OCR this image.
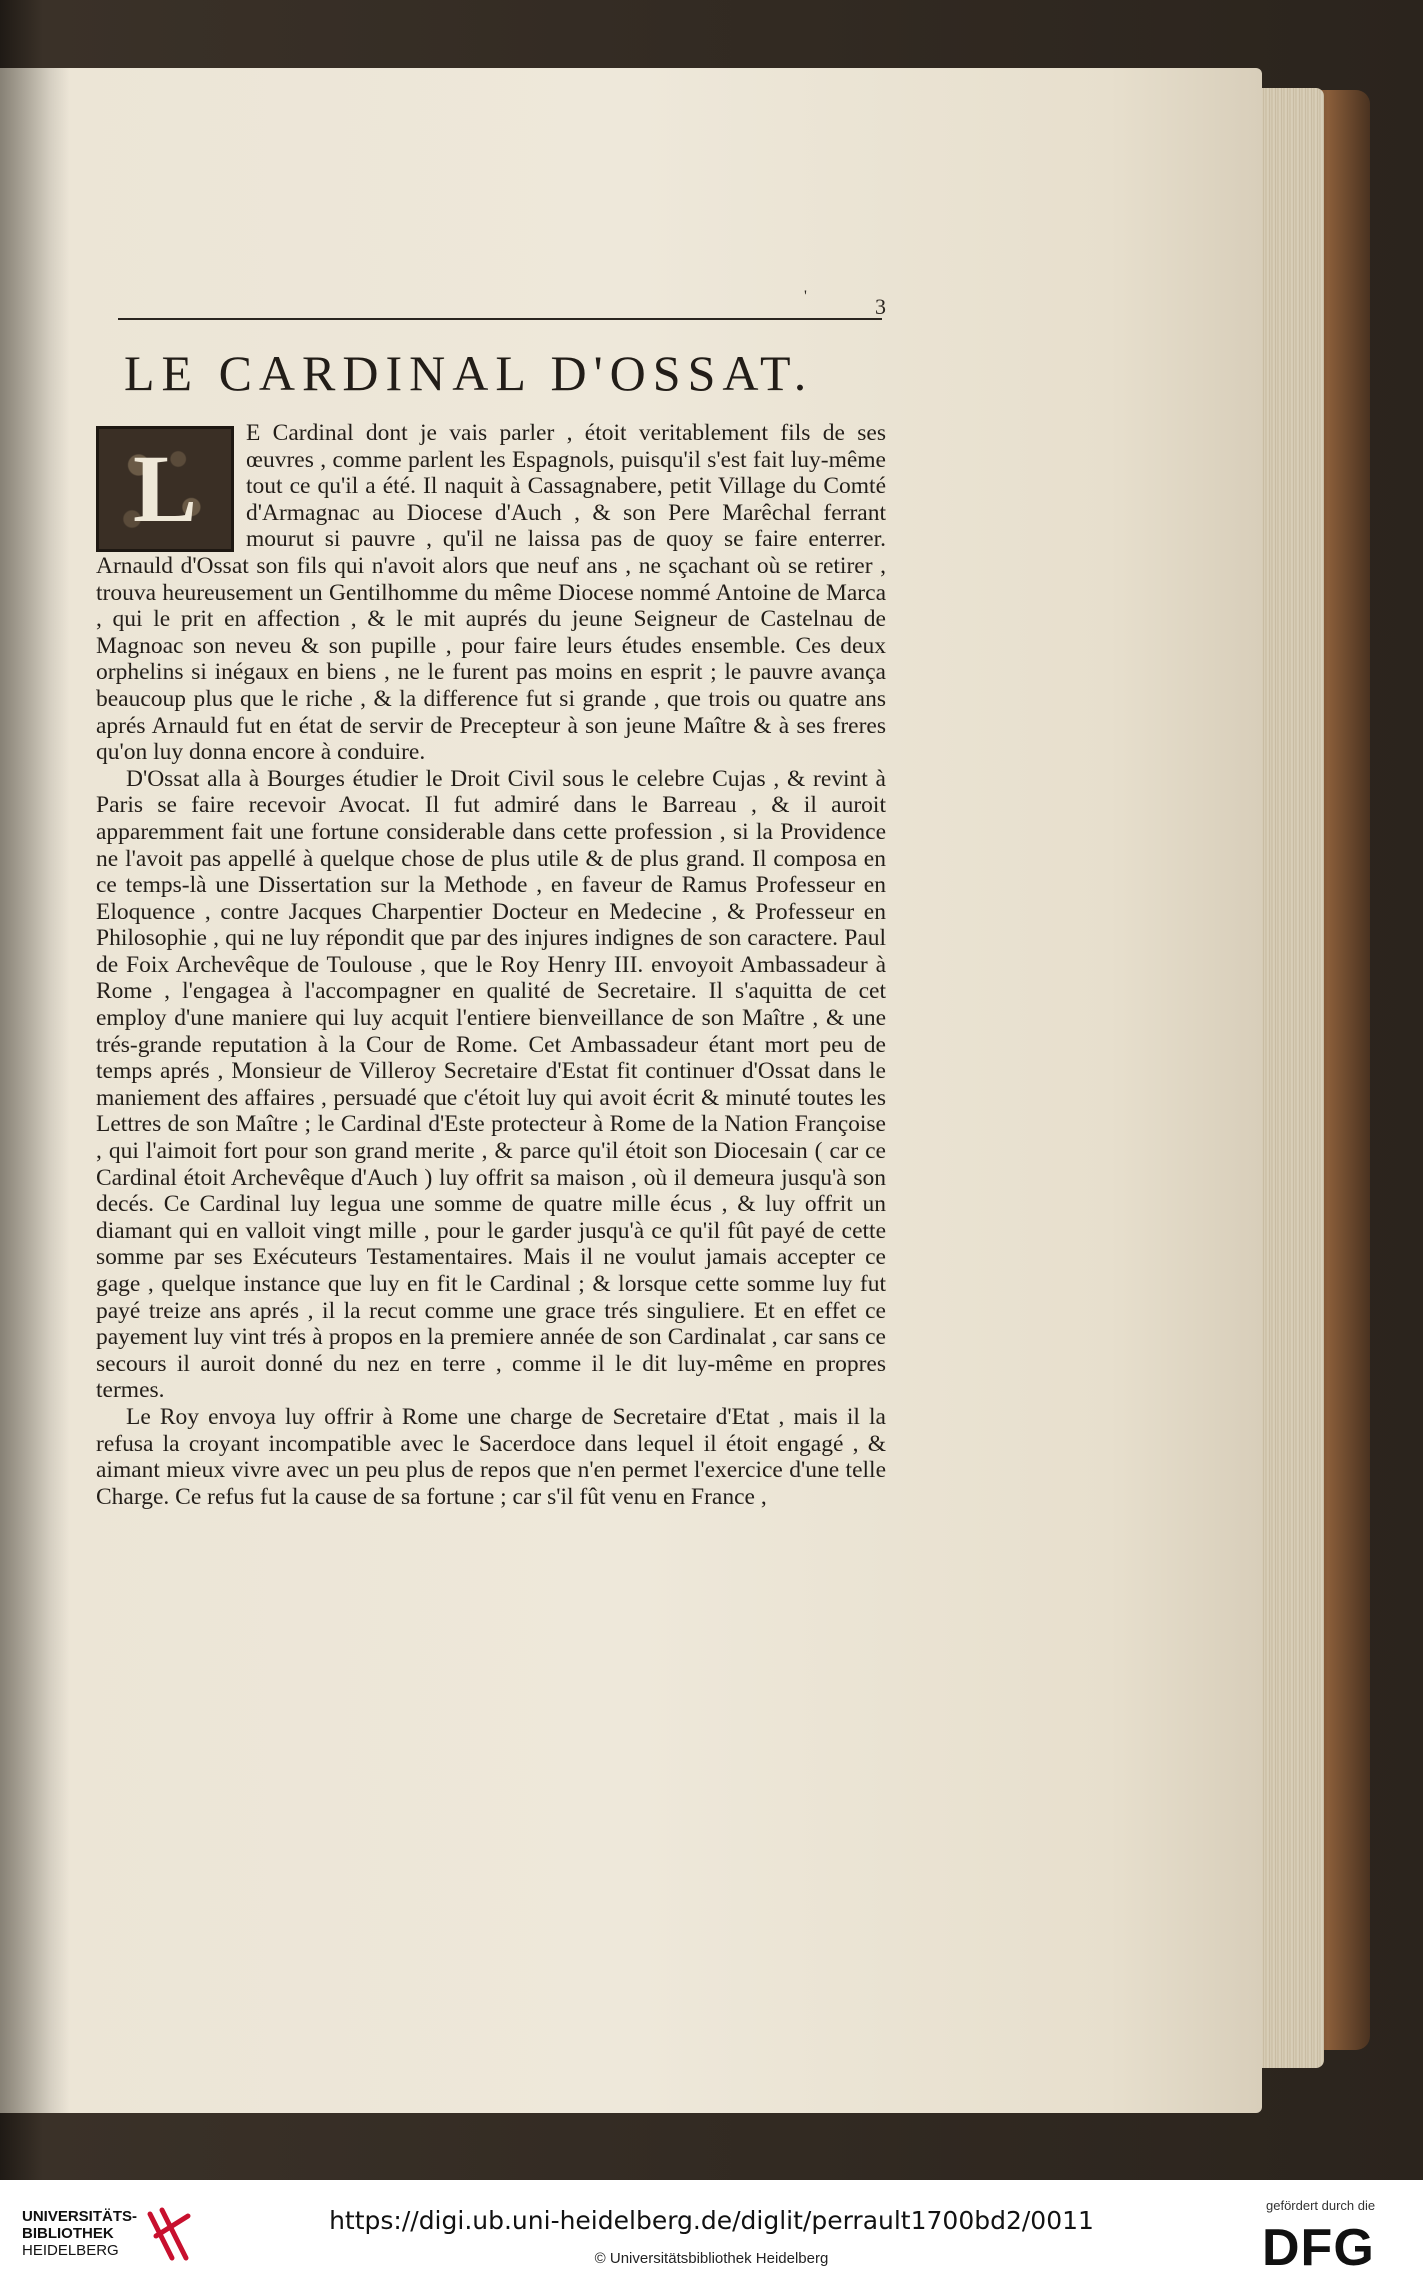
'	3
LE CARDINAL D'OSSAT.

L
E Cardinal dont je vais parler , étoit veritablement fils de ses œuvres , comme parlent les Espagnols, puisqu'il s'est fait luy-même tout ce qu'il a été. Il naquit à Cassagnabere, petit Village du Comté d'Armagnac au Diocese d'Auch , & son Pere Marêchal ferrant mourut si pauvre , qu'il ne laissa pas de quoy se faire enterrer. Arnauld d'Ossat son fils qui n'avoit alors que neuf ans , ne sçachant où se retirer , trouva heureusement un Gentilhomme du même Diocese nommé Antoine de Marca , qui le prit en affection , & le mit auprés du jeune Seigneur de Castelnau de Magnoac son neveu & son pupille , pour faire leurs études ensemble. Ces deux orphelins si inégaux en biens , ne le furent pas moins en esprit ; le pauvre avança beaucoup plus que le riche , & la difference fut si grande , que trois ou quatre ans aprés Arnauld fut en état de servir de Precepteur à son jeune Maître & à ses freres qu'on luy donna encore à conduire.

D'Ossat alla à Bourges étudier le Droit Civil sous le celebre Cujas , & revint à Paris se faire recevoir Avocat. Il fut admiré dans le Barreau , & il auroit apparemment fait une fortune considerable dans cette profession , si la Providence ne l'avoit pas appellé à quelque chose de plus utile & de plus grand. Il composa en ce temps-là une Dissertation sur la Methode , en faveur de Ramus Professeur en Eloquence , contre Jacques Charpentier Docteur en Medecine , & Professeur en Philosophie , qui ne luy répondit que par des injures indignes de son caractere. Paul de Foix Archevêque de Toulouse , que le Roy Henry III. envoyoit Ambassadeur à Rome , l'engagea à l'accompagner en qualité de Secretaire. Il s'aquitta de cet employ d'une maniere qui luy acquit l'entiere bienveillance de son Maître , & une trés-grande reputation à la Cour de Rome. Cet Ambassadeur étant mort peu de temps aprés , Monsieur de Villeroy Secretaire d'Estat fit continuer d'Ossat dans le maniement des affaires , persuadé que c'étoit luy qui avoit écrit & minuté toutes les Lettres de son Maître ; le Cardinal d'Este protecteur à Rome de la Nation Françoise , qui l'aimoit fort pour son grand merite , & parce qu'il étoit son Diocesain ( car ce Cardinal étoit Archevêque d'Auch ) luy offrit sa maison , où il demeura jusqu'à son decés. Ce Cardinal luy legua une somme de quatre mille écus , & luy offrit un diamant qui en valloit vingt mille , pour le garder jusqu'à ce qu'il fût payé de cette somme par ses Exécuteurs Testamentaires. Mais il ne voulut jamais accepter ce gage , quelque instance que luy en fit le Cardinal ; & lorsque cette somme luy fut payé treize ans aprés , il la recut comme une grace trés singuliere. Et en effet ce payement luy vint trés à propos en la premiere année de son Cardinalat , car sans ce secours il auroit donné du nez en terre , comme il le dit luy-même en propres termes.

Le Roy envoya luy offrir à Rome une charge de Secretaire d'Etat , mais il la refusa la croyant incompatible avec le Sacerdoce dans lequel il étoit engagé , & aimant mieux vivre avec un peu plus de repos que n'en permet l'exercice d'une telle Charge. Ce refus fut la cause de sa fortune ; car s'il fût venu en France ,

UNIVERSITÄTS-
BIBLIOTHEK
HEIDELBERG
https://digi.ub.uni-heidelberg.de/diglit/perrault1700bd2/0011
© Universitätsbibliothek Heidelberg
gefördert durch die
DFG
